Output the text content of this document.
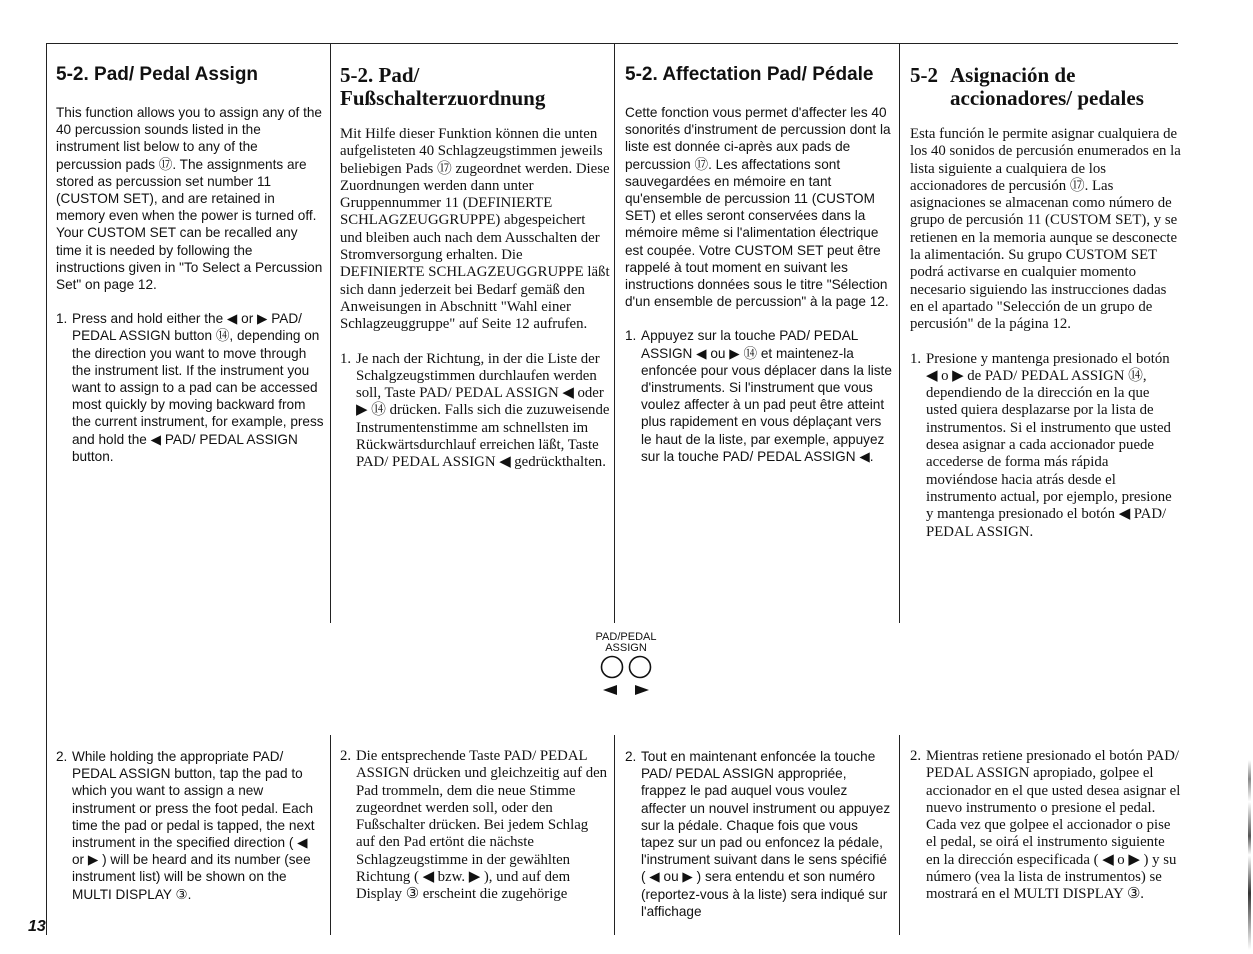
5-2. Pad/ Pedal Assign

This function allows you to assign any of the 40 percussion sounds listed in the instrument list below to any of the percussion pads ⑰. The assignments are stored as percussion set number 11 (CUSTOM SET), and are retained in memory even when the power is turned off. Your CUSTOM SET can be recalled any time it is needed by following the instructions given in "To Select a Percussion Set" on page 12.

1. Press and hold either the ◀ or ▶ PAD/ PEDAL ASSIGN button ⑭, depending on the direction you want to move through the instrument list. If the instrument you want to assign to a pad can be accessed most quickly by moving backward from the current instrument, for example, press and hold the ◀ PAD/ PEDAL ASSIGN button.
2. While holding the appropriate PAD/ PEDAL ASSIGN button, tap the pad to which you want to assign a new instrument or press the foot pedal. Each time the pad or pedal is tapped, the next instrument in the specified direction ( ◀ or ▶ ) will be heard and its number (see instrument list) will be shown on the MULTI DISPLAY ③.
5-2. Pad/
Fußschalterzuordnung

Mit Hilfe dieser Funktion können die unten aufgelisteten 40 Schlagzeugstimmen jeweils beliebigen Pads ⑰ zugeordnet werden. Diese Zuordnungen werden dann unter Gruppennummer 11 (DEFINIERTE SCHLAGZEUGGRUPPE) abgespeichert und bleiben auch nach dem Ausschalten der Stromversorgung erhalten. Die DEFINIERTE SCHLAGZEUGGRUPPE läßt sich dann jederzeit bei Bedarf gemäß den Anweisungen in Abschnitt "Wahl einer Schlagzeuggruppe" auf Seite 12 aufrufen.

1. Je nach der Richtung, in der die Liste der Schalgzeugstimmen durchlaufen werden soll, Taste PAD/ PEDAL ASSIGN ◀ oder ▶ ⑭ drücken. Falls sich die zuzuweisende Instrumentenstimme am schnellsten im Rückwärtsdurchlauf erreichen läßt, Taste PAD/ PEDAL ASSIGN ◀ gedrückthalten.
2. Die entsprechende Taste PAD/ PEDAL ASSIGN drücken und gleichzeitig auf den Pad trommeln, dem die neue Stimme zugeordnet werden soll, oder den Fußschalter drücken. Bei jedem Schlag auf den Pad ertönt die nächste Schlagzeugstimme in der gewählten Richtung ( ◀ bzw. ▶ ), und auf dem Display ③ erscheint die zugehörige
5-2. Affectation Pad/ Pédale

Cette fonction vous permet d'affecter les 40 sonorités d'instrument de percussion dont la liste est donnée ci-après aux pads de percussion ⑰. Les affectations sont sauvegardées en mémoire en tant qu'ensemble de percussion 11 (CUSTOM SET) et elles seront conservées dans la mémoire même si l'alimentation électrique est coupée. Votre CUSTOM SET peut être rappelé à tout moment en suivant les instructions données sous le titre "Sélection d'un ensemble de percussion" à la page 12.

1. Appuyez sur la touche PAD/ PEDAL ASSIGN ◀ ou ▶ ⑭ et maintenez-la enfoncée pour vous déplacer dans la liste d'instruments. Si l'instrument que vous voulez affecter à un pad peut être atteint plus rapidement en vous déplaçant vers le haut de la liste, par exemple, appuyez sur la touche PAD/ PEDAL ASSIGN ◀.
2. Tout en maintenant enfoncée la touche PAD/ PEDAL ASSIGN appropriée, frappez le pad auquel vous voulez affecter un nouvel instrument ou appuyez sur la pédale. Chaque fois que vous tapez sur un pad ou enfoncez la pédale, l'instrument suivant dans le sens spécifié ( ◀ ou ▶ ) sera entendu et son numéro (reportez-vous à la liste) sera indiqué sur l'affichage
5-2 Asignación de
accionadores/ pedales

Esta función le permite asignar cualquiera de los 40 sonidos de percusión enumerados en la lista siguiente a cualquiera de los accionadores de percusión ⑰. Las asignaciones se almacenan como número de grupo de percusión 11 (CUSTOM SET), y se retienen en la memoria aunque se desconecte la alimentación. Su grupo CUSTOM SET podrá activarse en cualquier momento necesario siguiendo las instrucciones dadas en el apartado "Selección de un grupo de percusión" de la página 12.

1. Presione y mantenga presionado el botón ◀ o ▶ de PAD/ PEDAL ASSIGN ⑭, dependiendo de la dirección en la que usted quiera desplazarse por la lista de instrumentos. Si el instrumento que usted desea asignar a cada accionador puede accederse de forma más rápida moviéndose hacia atrás desde el instrumento actual, por ejemplo, presione y mantenga presionado el botón ◀ PAD/ PEDAL ASSIGN.
2. Mientras retiene presionado el botón PAD/ PEDAL ASSIGN apropiado, golpee el accionador en el que usted desea asignar el nuevo instrumento o presione el pedal. Cada vez que golpee el accionador o pise el pedal, se oirá el instrumento siguiente en la dirección especificada ( ◀ o ▶ ) y su número (vea la lista de instrumentos) se mostrará en el MULTI DISPLAY ③.
PAD/PEDAL
ASSIGN
13
